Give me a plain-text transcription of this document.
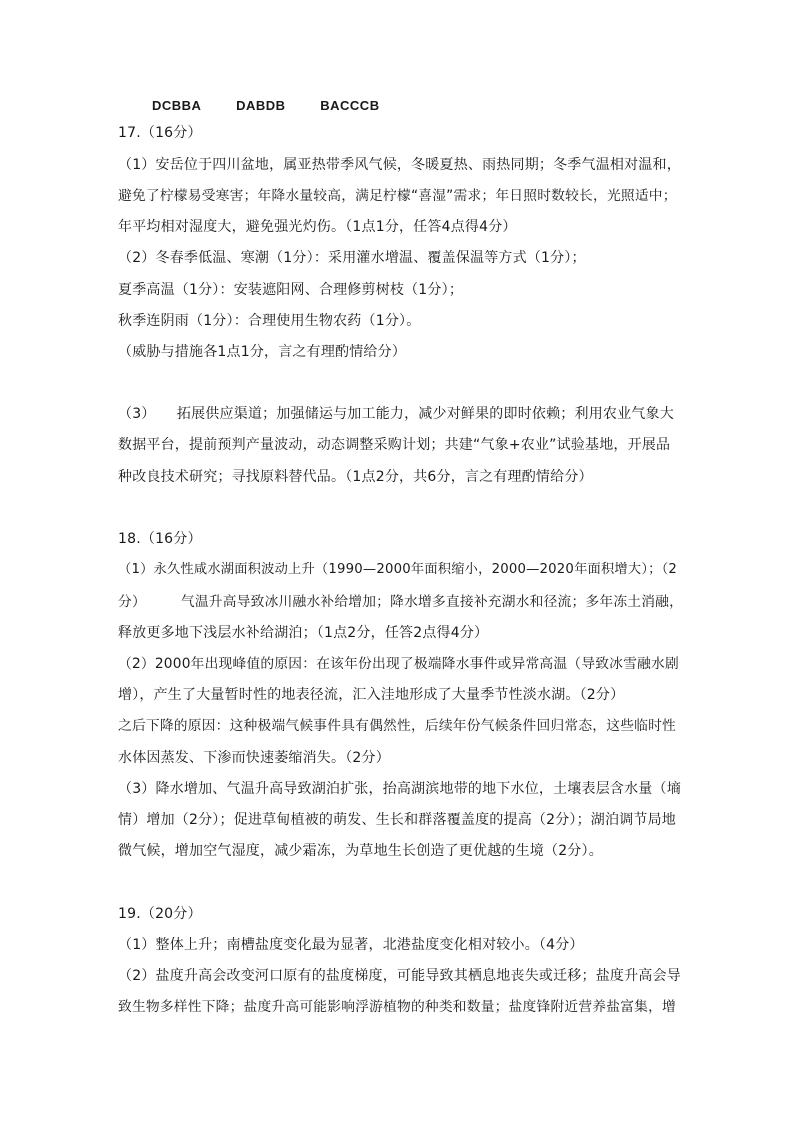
DCBBA	DABDB	BACCCB
17.（16分）
（1）安岳位于四川盆地，属亚热带季风气候，冬暖夏热、雨热同期；冬季气温相对温和，
避免了柠檬易受寒害；年降水量较高，满足柠檬“喜湿”需求；年日照时数较长，光照适中；
年平均相对湿度大，避免强光灼伤。（1点1分，任答4点得4分）
（2）冬春季低温、寒潮（1分）：采用灌水增温、覆盖保温等方式（1分）；
夏季高温（1分）：安装遮阳网、合理修剪树枝（1分）；
秋季连阴雨（1分）：合理使用生物农药（1分）。
（威胁与措施各1点1分，言之有理酌情给分）
（3）　　拓展供应渠道；加强储运与加工能力，减少对鲜果的即时依赖；利用农业气象大
数据平台，提前预判产量波动，动态调整采购计划；共建“气象+农业”试验基地，开展品
种改良技术研究；寻找原料替代品。（1点2分，共6分，言之有理酌情给分）
18.（16分）
（1）永久性咸水湖面积波动上升（1990—2000年面积缩小，2000—2020年面积增大）；（2
分）　　　气温升高导致冰川融水补给增加；降水增多直接补充湖水和径流；多年冻土消融，
释放更多地下浅层水补给湖泊；（1点2分，任答2点得4分）
（2）2000年出现峰值的原因：在该年份出现了极端降水事件或异常高温（导致冰雪融水剧
增），产生了大量暂时性的地表径流，汇入洼地形成了大量季节性淡水湖。（2分）
之后下降的原因：这种极端气候事件具有偶然性，后续年份气候条件回归常态，这些临时性
水体因蒸发、下渗而快速萎缩消失。（2分）
（3）降水增加、气温升高导致湖泊扩张，抬高湖滨地带的地下水位，土壤表层含水量（墒
情）增加（2分）；促进草甸植被的萌发、生长和群落覆盖度的提高（2分）；湖泊调节局地
微气候，增加空气湿度，减少霜冻，为草地生长创造了更优越的生境（2分）。
19.（20分）
（1）整体上升；南槽盐度变化最为显著，北港盐度变化相对较小。（4分）
（2）盐度升高会改变河口原有的盐度梯度，可能导致其栖息地丧失或迁移；盐度升高会导
致生物多样性下降；盐度升高可能影响浮游植物的种类和数量；盐度锋附近营养盐富集，增
